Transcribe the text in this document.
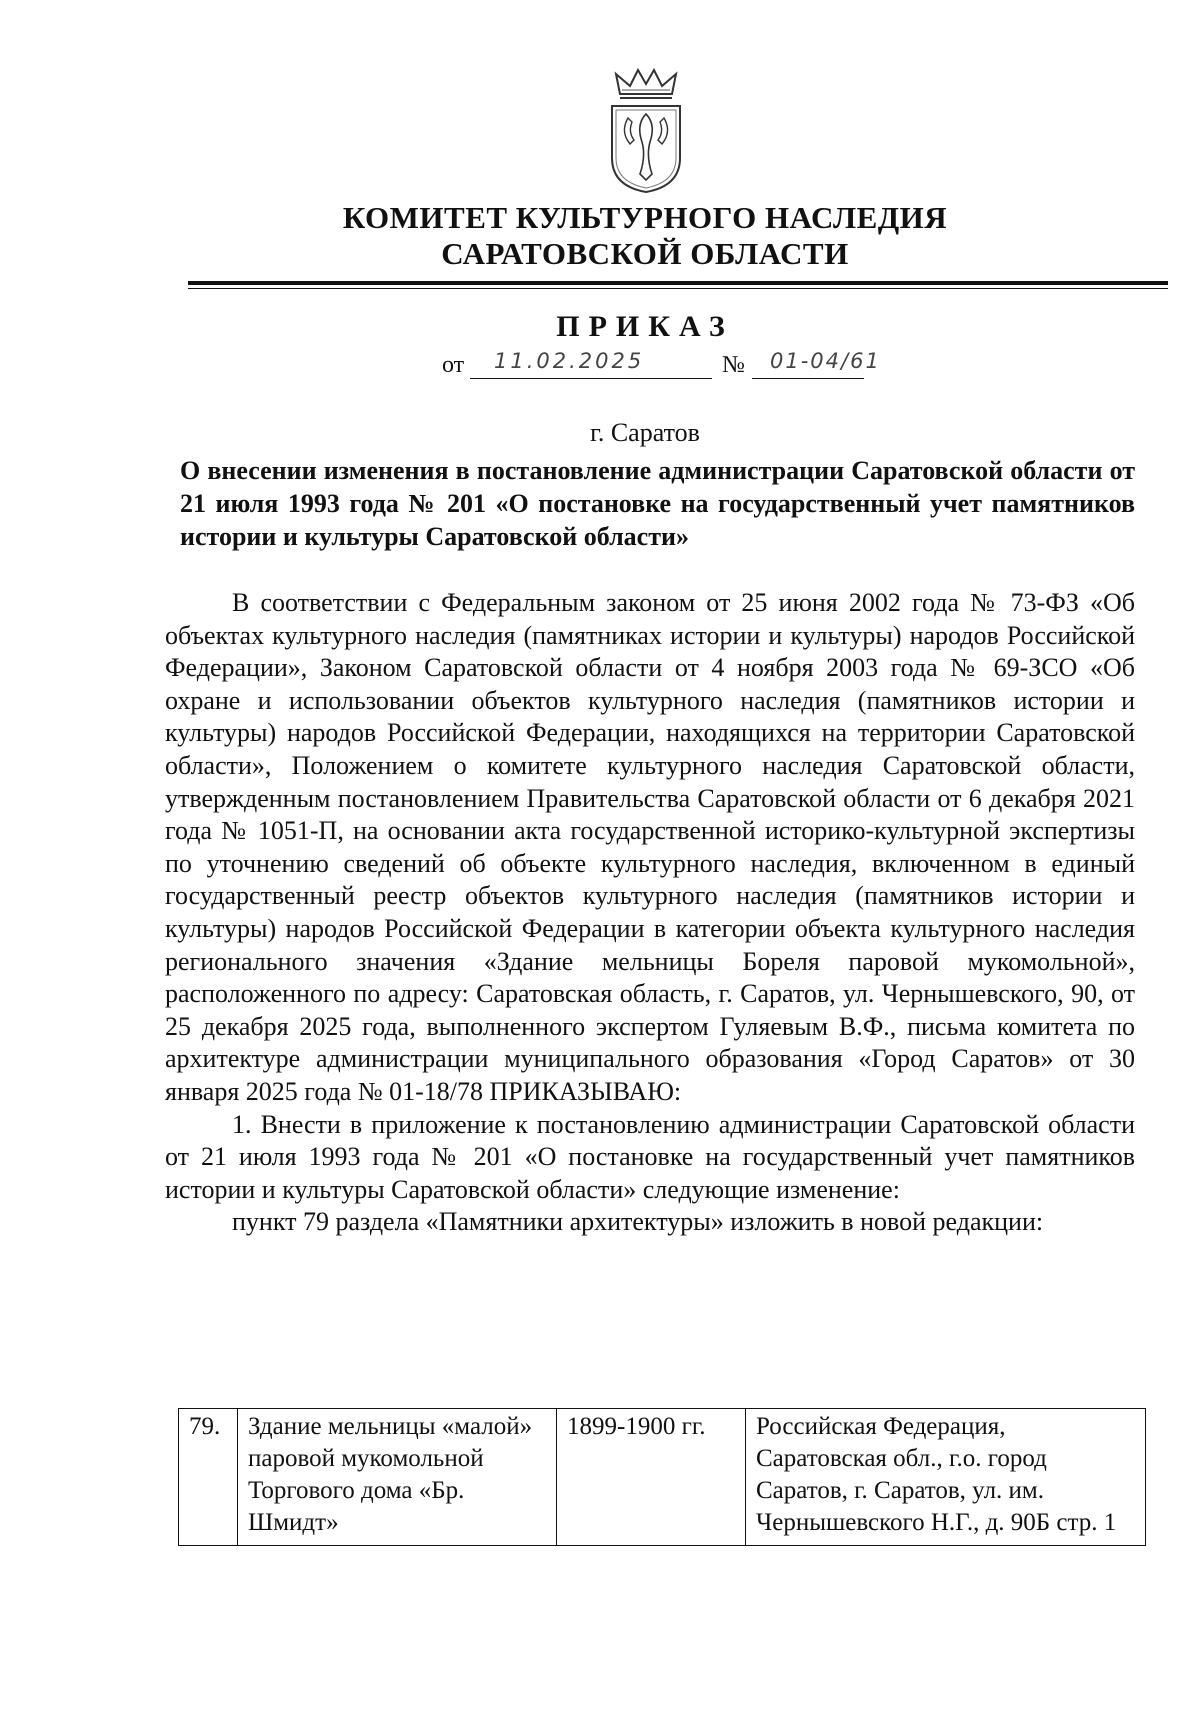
КОМИТЕТ КУЛЬТУРНОГО НАСЛЕДИЯ
САРАТОВСКОЙ ОБЛАСТИ
ПРИКАЗ
от 11.02.2025	№ 01-04/61
г. Саратов
О внесении изменения в постановление администрации Саратовской области от 21 июля 1993 года № 201 «О постановке на государственный учет памятников истории и культуры Саратовской области»

В соответствии с Федеральным законом от 25 июня 2002 года № 73-ФЗ «Об объектах культурного наследия (памятниках истории и культуры) народов Российской Федерации», Законом Саратовской области от 4 ноября 2003 года № 69-ЗСО «Об охране и использовании объектов культурного наследия (памятников истории и культуры) народов Российской Федерации, находящихся на территории Саратовской области», Положением о комитете культурного наследия Саратовской области, утвержденным постановлением Правительства Саратовской области от 6 декабря 2021 года № 1051-П, на основании акта государственной историко-культурной экспертизы по уточнению сведений об объекте культурного наследия, включенном в единый государственный реестр объектов культурного наследия (памятников истории и культуры) народов Российской Федерации в категории объекта культурного наследия регионального значения «Здание мельницы Бореля паровой мукомольной», расположенного по адресу: Саратовская область, г. Саратов, ул. Чернышевского, 90, от 25 декабря 2025 года, выполненного экспертом Гуляевым В.Ф., письма комитета по архитектуре администрации муниципального образования «Город Саратов» от 30 января 2025 года № 01-18/78 ПРИКАЗЫВАЮ:

1. Внести в приложение к постановлению администрации Саратовской области от 21 июля 1993 года № 201 «О постановке на государственный учет памятников истории и культуры Саратовской области» следующие изменение:

пункт 79 раздела «Памятники архитектуры» изложить в новой редакции:

79.	Здание мельницы «малой» паровой мукомольной Торгового дома «Бр. Шмидт»	1899-1900 гг.	Российская Федерация, Саратовская обл., г.о. город Саратов, г. Саратов, ул. им. Чернышевского Н.Г., д. 90Б стр. 1
